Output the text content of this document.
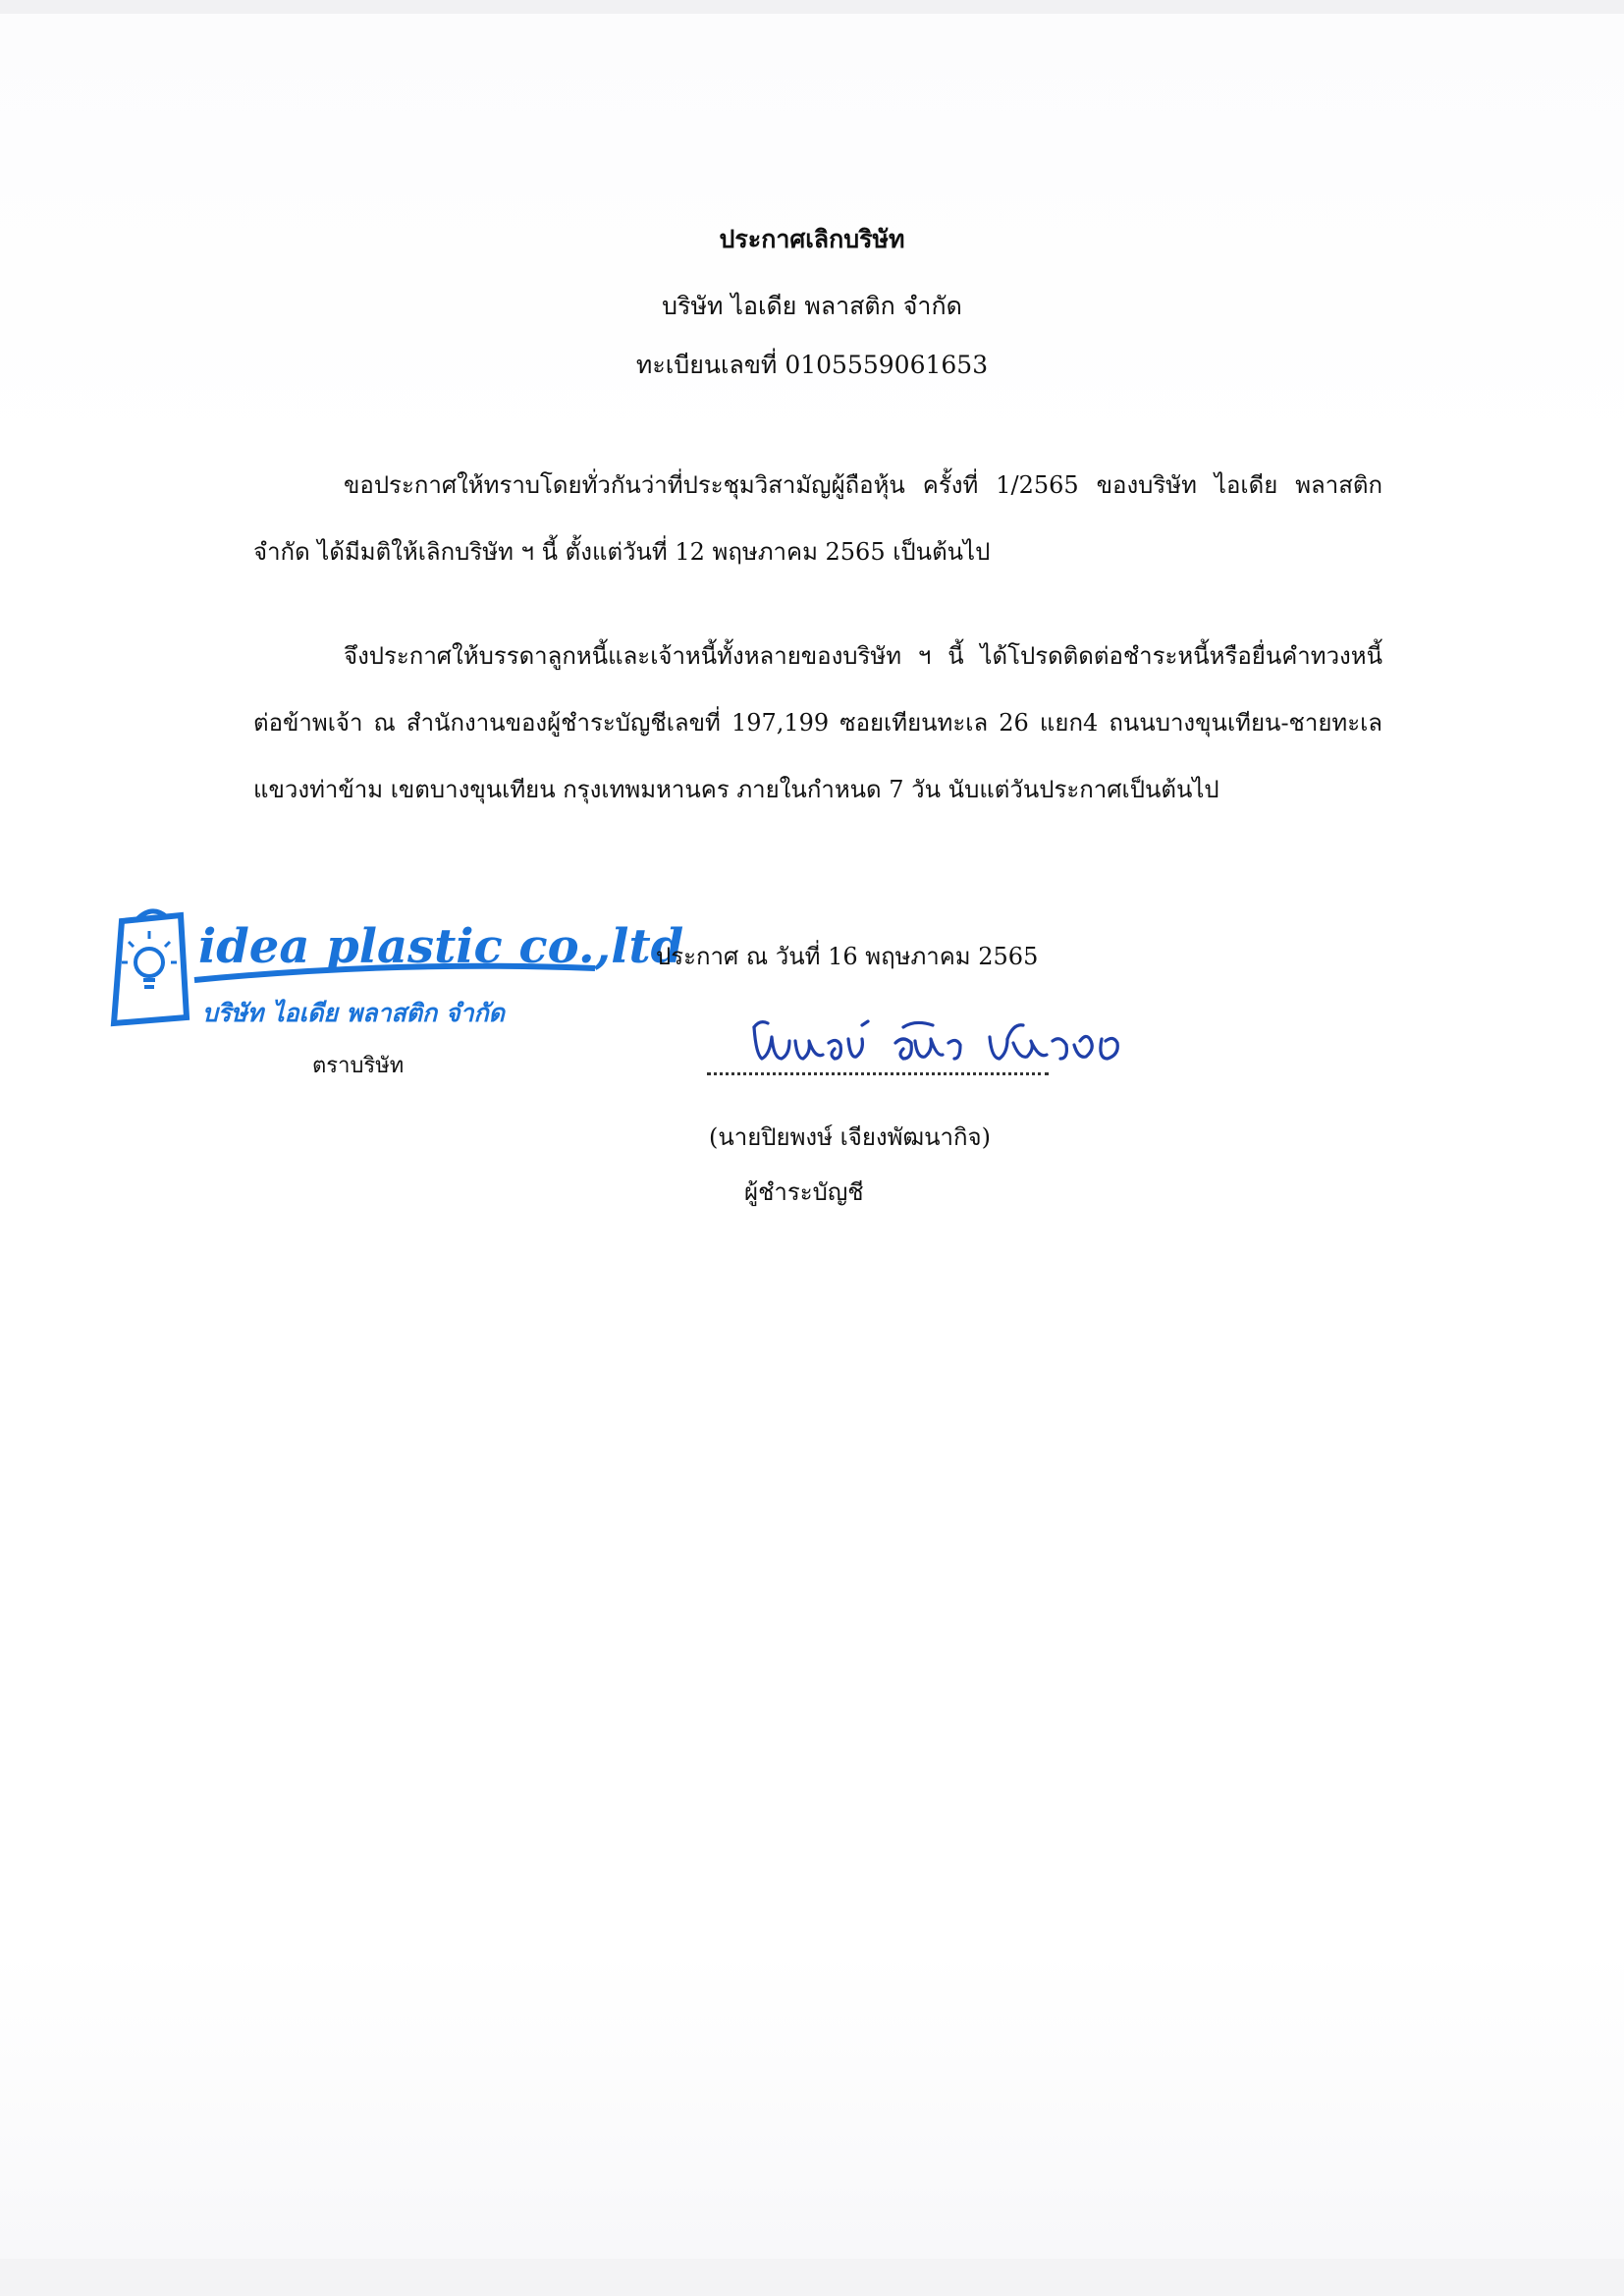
ประกาศเลิกบริษัท
บริษัท ไอเดีย พลาสติก จำกัด
ทะเบียนเลขที่ 0105559061653
ขอประกาศให้ทราบโดยทั่วกันว่าที่ประชุมวิสามัญผู้ถือหุ้น ครั้งที่ 1/2565 ของบริษัท ไอเดีย พลาสติก จำกัด ได้มีมติให้เลิกบริษัท ฯ นี้ ตั้งแต่วันที่ 12 พฤษภาคม 2565 เป็นต้นไป
จึงประกาศให้บรรดาลูกหนี้และเจ้าหนี้ทั้งหลายของบริษัท ฯ นี้ ได้โปรดติดต่อชำระหนี้หรือยื่นคำทวงหนี้ต่อข้าพเจ้า ณ สำนักงานของผู้ชำระบัญชีเลขที่ 197,199 ซอยเทียนทะเล 26 แยก4 ถนนบางขุนเทียน-ชายทะเล แขวงท่าข้าม เขตบางขุนเทียน กรุงเทพมหานคร ภายในกำหนด 7 วัน นับแต่วันประกาศเป็นต้นไป
idea plastic co.,ltd
บริษัท ไอเดีย พลาสติก จำกัด
ตราบริษัท
ประกาศ ณ วันที่ 16 พฤษภาคม 2565
(นายปิยพงษ์ เจียงพัฒนากิจ)
ผู้ชำระบัญชี
